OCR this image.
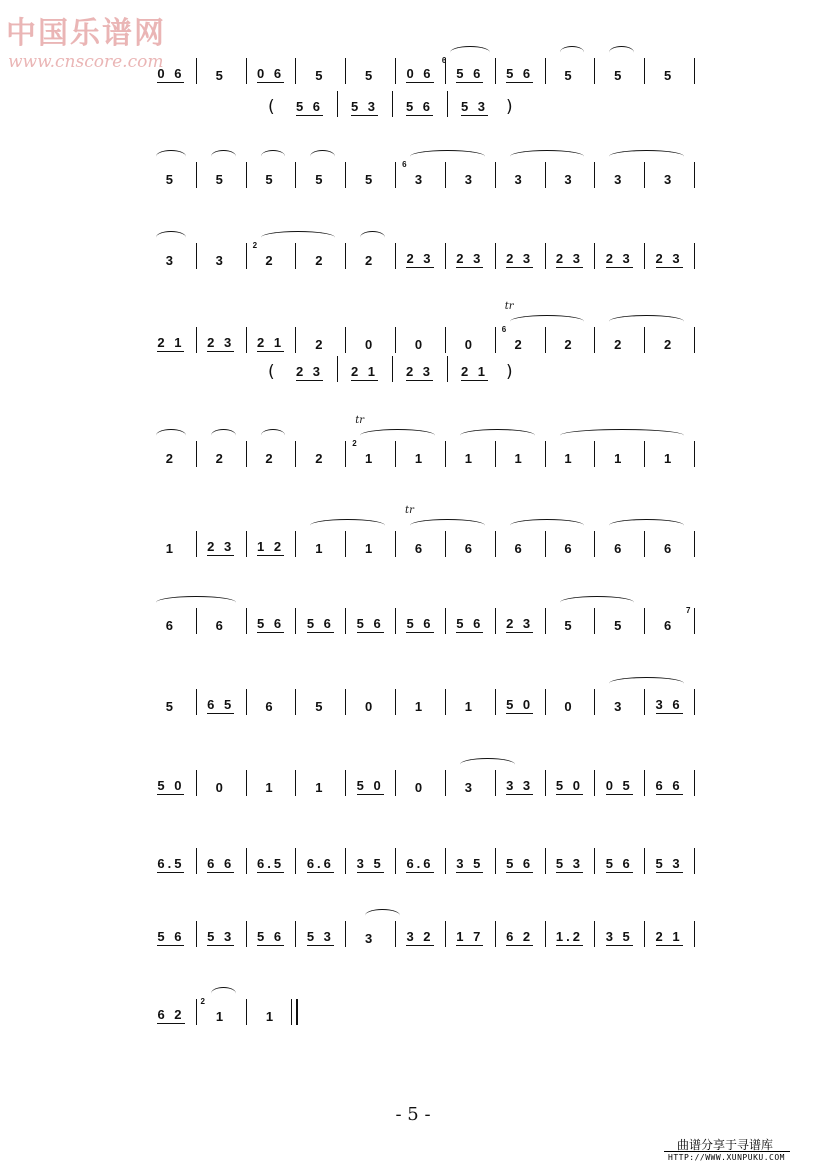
中国乐谱网
www.cnscore.com
0 6 5 0 6 5	5 0 6 5 6 5 6 5	5	5
6
( 5 6 5 3 5 6 5 3 )
5	5	5	5	5	3	3	3	3	3	3
6
3	3	2	2	2 2 3 2 3 2 3 2 3 2 3 2 3
2
2 1 2 3 2 1 2	0	0	0	2	2	2	2
tr
6
( 2 3 2 1 2 3 2 1 )
2	2	2	2	1	1	1	1	1	1	1
tr
2
1 2 3 1 2 1	1	6	6	6	6	6	6
tr
6	6 5 6 5 6 5 6 5 6 5 6 2 3 5	5	6
7
5 6 5 6	5	0	1	1 5 0 0	3 3 6
5 0 0	1	1 5 0 0	3 3 3 5 0 0 5 6 6
6.5 6 6 6.5 6.6 3 5 6.6 3 5 5 6 5 3 5 6 5 3
5 6 5 3 5 6 5 3 3 3 2 1 7 6 2 1.2 3 5 2 1
6 2 1	1
2
- 5 -
曲谱分享于寻谱库
HTTP://WWW.XUNPUKU.COM
